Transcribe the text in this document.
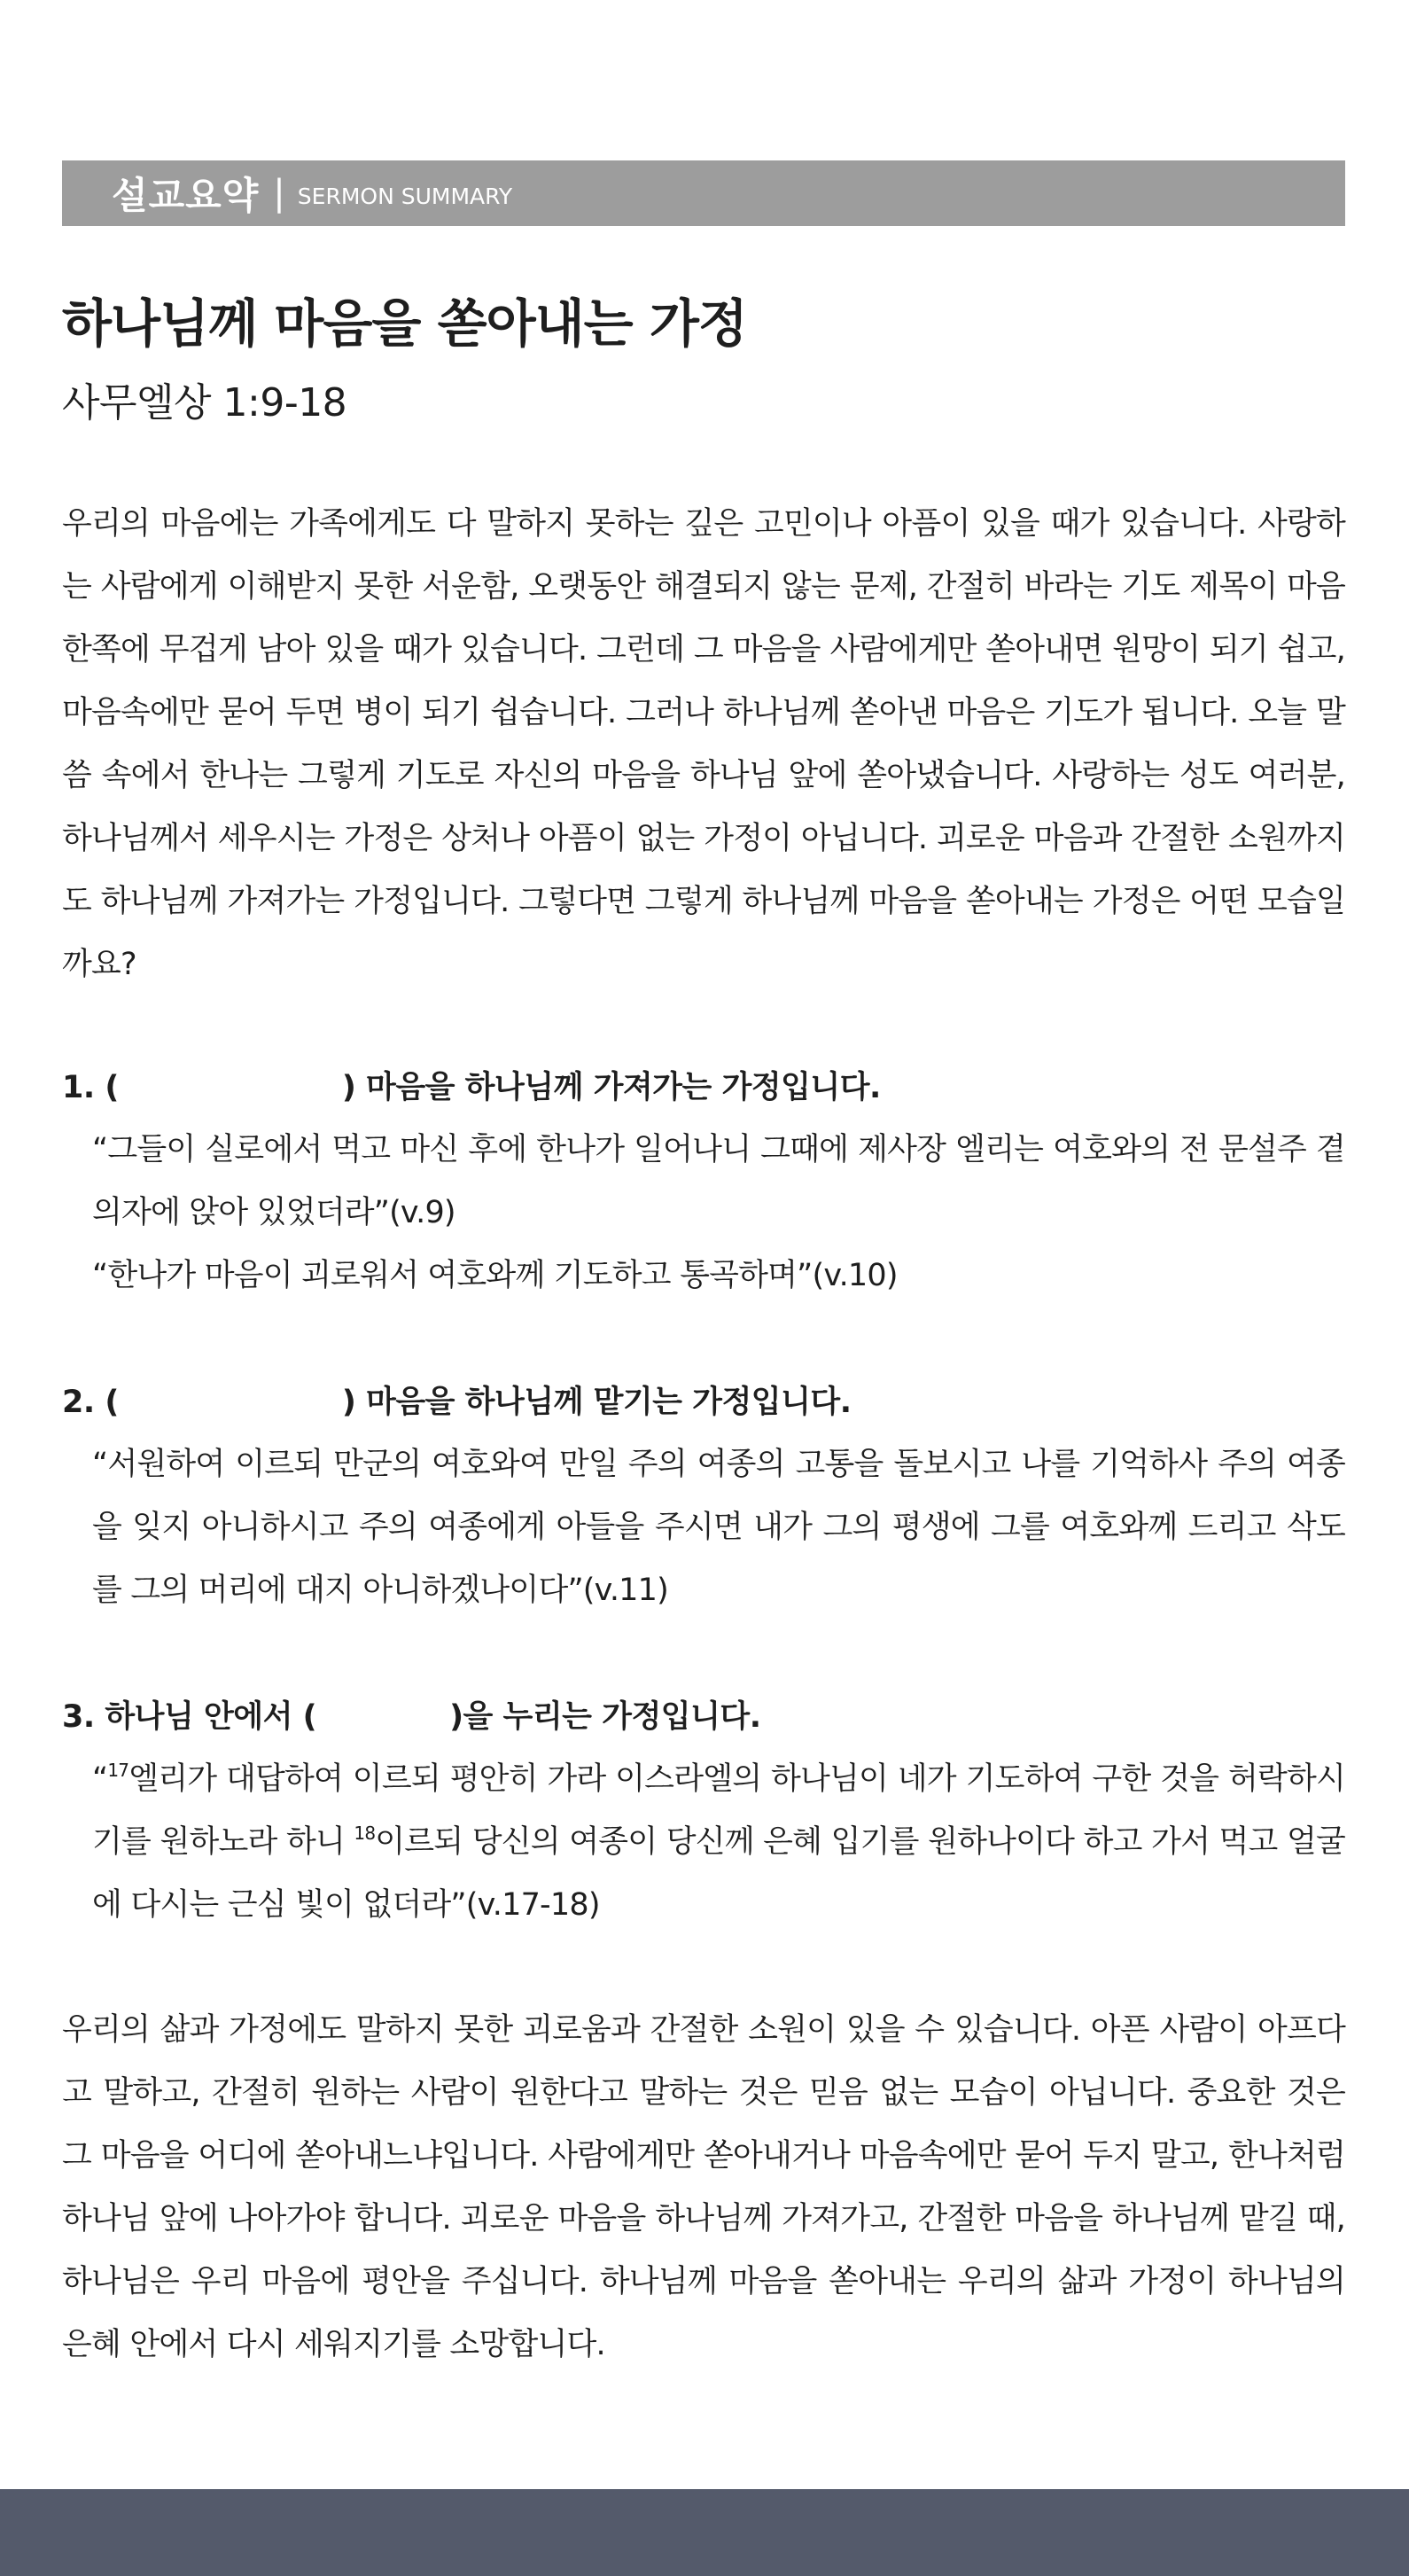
설교요약 | SERMON SUMMARY
하나님께 마음을 쏟아내는 가정
사무엘상 1:9-18
우리의 마음에는 가족에게도 다 말하지 못하는 깊은 고민이나 아픔이 있을 때가 있습니다. 사랑하는 사람에게 이해받지 못한 서운함, 오랫동안 해결되지 않는 문제, 간절히 바라는 기도 제목이 마음 한쪽에 무겁게 남아 있을 때가 있습니다. 그런데 그 마음을 사람에게만 쏟아내면 원망이 되기 쉽고, 마음속에만 묻어 두면 병이 되기 쉽습니다. 그러나 하나님께 쏟아낸 마음은 기도가 됩니다. 오늘 말씀 속에서 한나는 그렇게 기도로 자신의 마음을 하나님 앞에 쏟아냈습니다. 사랑하는 성도 여러분, 하나님께서 세우시는 가정은 상처나 아픔이 없는 가정이 아닙니다. 괴로운 마음과 간절한 소원까지도 하나님께 가져가는 가정입니다. 그렇다면 그렇게 하나님께 마음을 쏟아내는 가정은 어떤 모습일까요?
1. (	) 마음을 하나님께 가져가는 가정입니다.
“그들이 실로에서 먹고 마신 후에 한나가 일어나니 그때에 제사장 엘리는 여호와의 전 문설주 곁 의자에 앉아 있었더라”(v.9)
“한나가 마음이 괴로워서 여호와께 기도하고 통곡하며”(v.10)
2. (	) 마음을 하나님께 맡기는 가정입니다.
“서원하여 이르되 만군의 여호와여 만일 주의 여종의 고통을 돌보시고 나를 기억하사 주의 여종을 잊지 아니하시고 주의 여종에게 아들을 주시면 내가 그의 평생에 그를 여호와께 드리고 삭도를 그의 머리에 대지 아니하겠나이다”(v.11)
3. 하나님 안에서 (	)을 누리는 가정입니다.
“$^{17}$엘리가 대답하여 이르되 평안히 가라 이스라엘의 하나님이 네가 기도하여 구한 것을 허락하시기를 원하노라 하니 $^{18}$이르되 당신의 여종이 당신께 은혜 입기를 원하나이다 하고 가서 먹고 얼굴에 다시는 근심 빛이 없더라”(v.17-18)
우리의 삶과 가정에도 말하지 못한 괴로움과 간절한 소원이 있을 수 있습니다. 아픈 사람이 아프다고 말하고, 간절히 원하는 사람이 원한다고 말하는 것은 믿음 없는 모습이 아닙니다. 중요한 것은 그 마음을 어디에 쏟아내느냐입니다. 사람에게만 쏟아내거나 마음속에만 묻어 두지 말고, 한나처럼 하나님 앞에 나아가야 합니다. 괴로운 마음을 하나님께 가져가고, 간절한 마음을 하나님께 맡길 때, 하나님은 우리 마음에 평안을 주십니다. 하나님께 마음을 쏟아내는 우리의 삶과 가정이 하나님의 은혜 안에서 다시 세워지기를 소망합니다.
